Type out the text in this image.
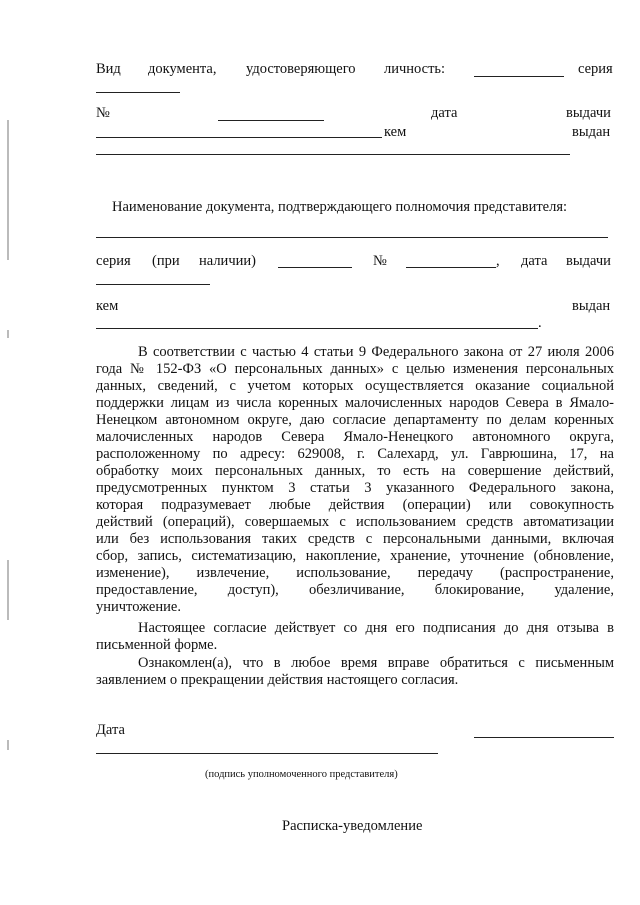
Вид документа, удостоверяющего личность:	серия
№	дата	выдачи
кем	выдан
Наименование документа, подтверждающего полномочия представителя:
серия (при наличии)	№	, дата выдачи
кем	выдан
.
В соответствии с частью 4 статьи 9 Федерального закона от 27 июля 2006
года № 152-ФЗ «О персональных данных» с целью изменения персональных
данных, сведений, с учетом которых осуществляется оказание социальной
поддержки лицам из числа коренных малочисленных народов Севера в Ямало-
Ненецком автономном округе, даю согласие департаменту по делам коренных
малочисленных народов Севера Ямало-Ненецкого автономного округа,
расположенному по адресу: 629008, г. Салехард, ул. Гаврюшина, 17, на
обработку моих персональных данных, то есть на совершение действий,
предусмотренных пунктом 3 статьи 3 указанного Федерального закона,
которая подразумевает любые действия (операции) или совокупность
действий (операций), совершаемых с использованием средств автоматизации
или без использования таких средств с персональными данными, включая
сбор, запись, систематизацию, накопление, хранение, уточнение (обновление,
изменение), извлечение, использование, передачу (распространение,
предоставление, доступ), обезличивание, блокирование, удаление,
уничтожение.
Настоящее согласие действует со дня его подписания до дня отзыва в
письменной форме.
Ознакомлен(а), что в любое время вправе обратиться с письменным
заявлением о прекращении действия настоящего согласия.
Дата
(подпись уполномоченного представителя)
Расписка-уведомление
